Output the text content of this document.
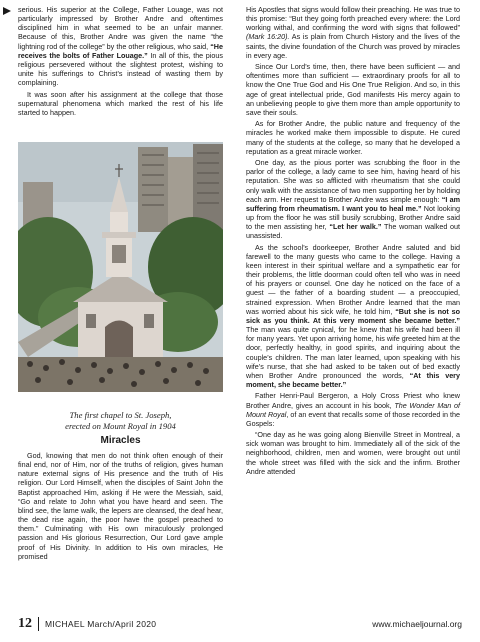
serious. His superior at the College, Father Louage, was not particularly impressed by Brother Andre and oftentimes disciplined him in what seemed to be an unfair manner. Because of this, Brother Andre was given the name “the lightning rod of the college” by the other religious, who said, “He receives the bolts of Father Louage.” In all of this, the pious religious persevered without the slightest protest, wishing to unite his sufferings to Christ’s instead of wasting them by complaining.

It was soon after his assignment at the college that those supernatural phenomena which marked the rest of his life started to happen.

The first chapel to St. Joseph,
erected on Mount Royal in 1904
Miracles

God, knowing that men do not think often enough of their final end, nor of Him, nor of the truths of religion, gives human nature external signs of His presence and the truth of His religion. Our Lord Himself, when the disciples of Saint John the Baptist approached Him, asking if He were the Messiah, said, “Go and relate to John what you have heard and seen. The blind see, the lame walk, the lepers are cleansed, the deaf hear, the dead rise again, the poor have the gospel preached to them.” Culminating with His own miraculously prolonged passion and His glorious Resurrection, Our Lord gave ample proof of His Divinity. In addition to His own miracles, He promised

His Apostles that signs would follow their preaching. He was true to this promise: “But they going forth preached every where: the Lord working withal, and confirming the word with signs that followed” (Mark 16:20). As is plain from Church History and the lives of the saints, the divine foundation of the Church was proved by miracles in every age.

Since Our Lord’s time, then, there have been sufficient — and oftentimes more than sufficient — extraordinary proofs for all to know the One True God and His One True Religion. And so, in this age of great intellectual pride, God manifests His mercy again to an unbelieving people to give them more than ample opportunity to save their souls.

As for Brother Andre, the public nature and frequency of the miracles he worked make them impossible to dispute. He cured many of the students at the college, so many that he developed a reputation as a great miracle worker.

One day, as the pious porter was scrubbing the floor in the parlor of the college, a lady came to see him, having heard of his reputation. She was so afflicted with rheumatism that she could only walk with the assistance of two men supporting her by holding each arm. Her request to Brother Andre was simple enough: “I am suffering from rheumatism. I want you to heal me.” Not looking up from the floor he was still busily scrubbing, Brother Andre said to the men assisting her, “Let her walk.” The woman walked out unassisted.

As the school’s doorkeeper, Brother Andre saluted and bid farewell to the many guests who came to the college. Having a keen interest in their spiritual welfare and a sympathetic ear for their problems, the little doorman could often tell who was in need of his prayers or counsel. One day he noticed on the face of a guest — the father of a boarding student — a preoccupied, strained expression. When Brother Andre learned that the man was worried about his sick wife, he told him, “But she is not so sick as you think. At this very moment she became better.” The man was quite cynical, for he knew that his wife had been ill for many years. Yet upon arriving home, his wife greeted him at the door, perfectly healthy, in good spirits, and inquiring about the couple’s children. The man later learned, upon speaking with his wife’s nurse, that she had asked to be taken out of bed exactly when Brother Andre pronounced the words, “At this very moment, she became better.”

Father Henri-Paul Bergeron, a Holy Cross Priest who knew Brother Andre, gives an account in his book, The Wonder Man of Mount Royal, of an event that recalls some of those recorded in the Gospels:

“One day as he was going along Bienville Street in Montreal, a sick woman was brought to him. Immediately all of the sick of the neighborhood, children, men and women, were brought out until the whole street was filled with the sick and the infirm. Brother Andre attended

12 MICHAEL March/April 2020	www.michaeljournal.org
